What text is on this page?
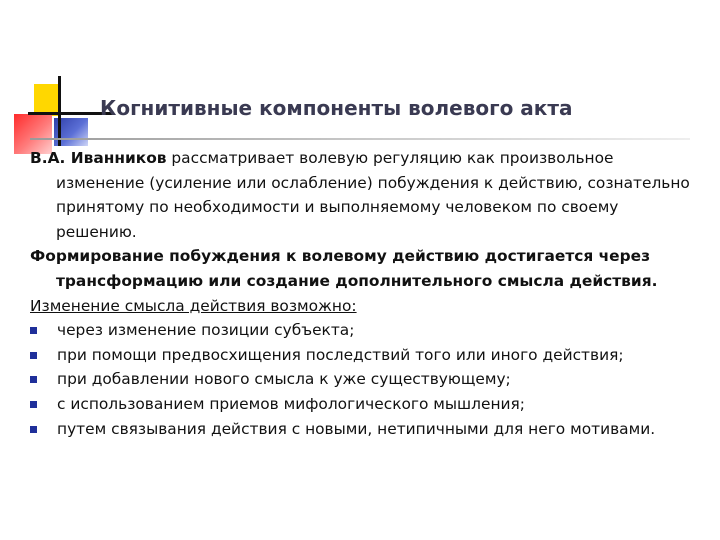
Когнитивные компоненты волевого акта

В.А. Иванников рассматривает волевую регуляцию как произвольное изменение (усиление или ослабление) побуждения к действию, сознательно принятому по необходимости и выполняемому человеком по своему решению.

Формирование побуждения к волевому действию достигается через трансформацию или создание дополнительного смысла действия.

Изменение смысла действия возможно:

через изменение позиции субъекта;
при помощи предвосхищения последствий того или иного действия;
при добавлении нового смысла к уже существующему;
с использованием приемов мифологического мышления;
путем связывания действия с новыми, нетипичными для него мотивами.
